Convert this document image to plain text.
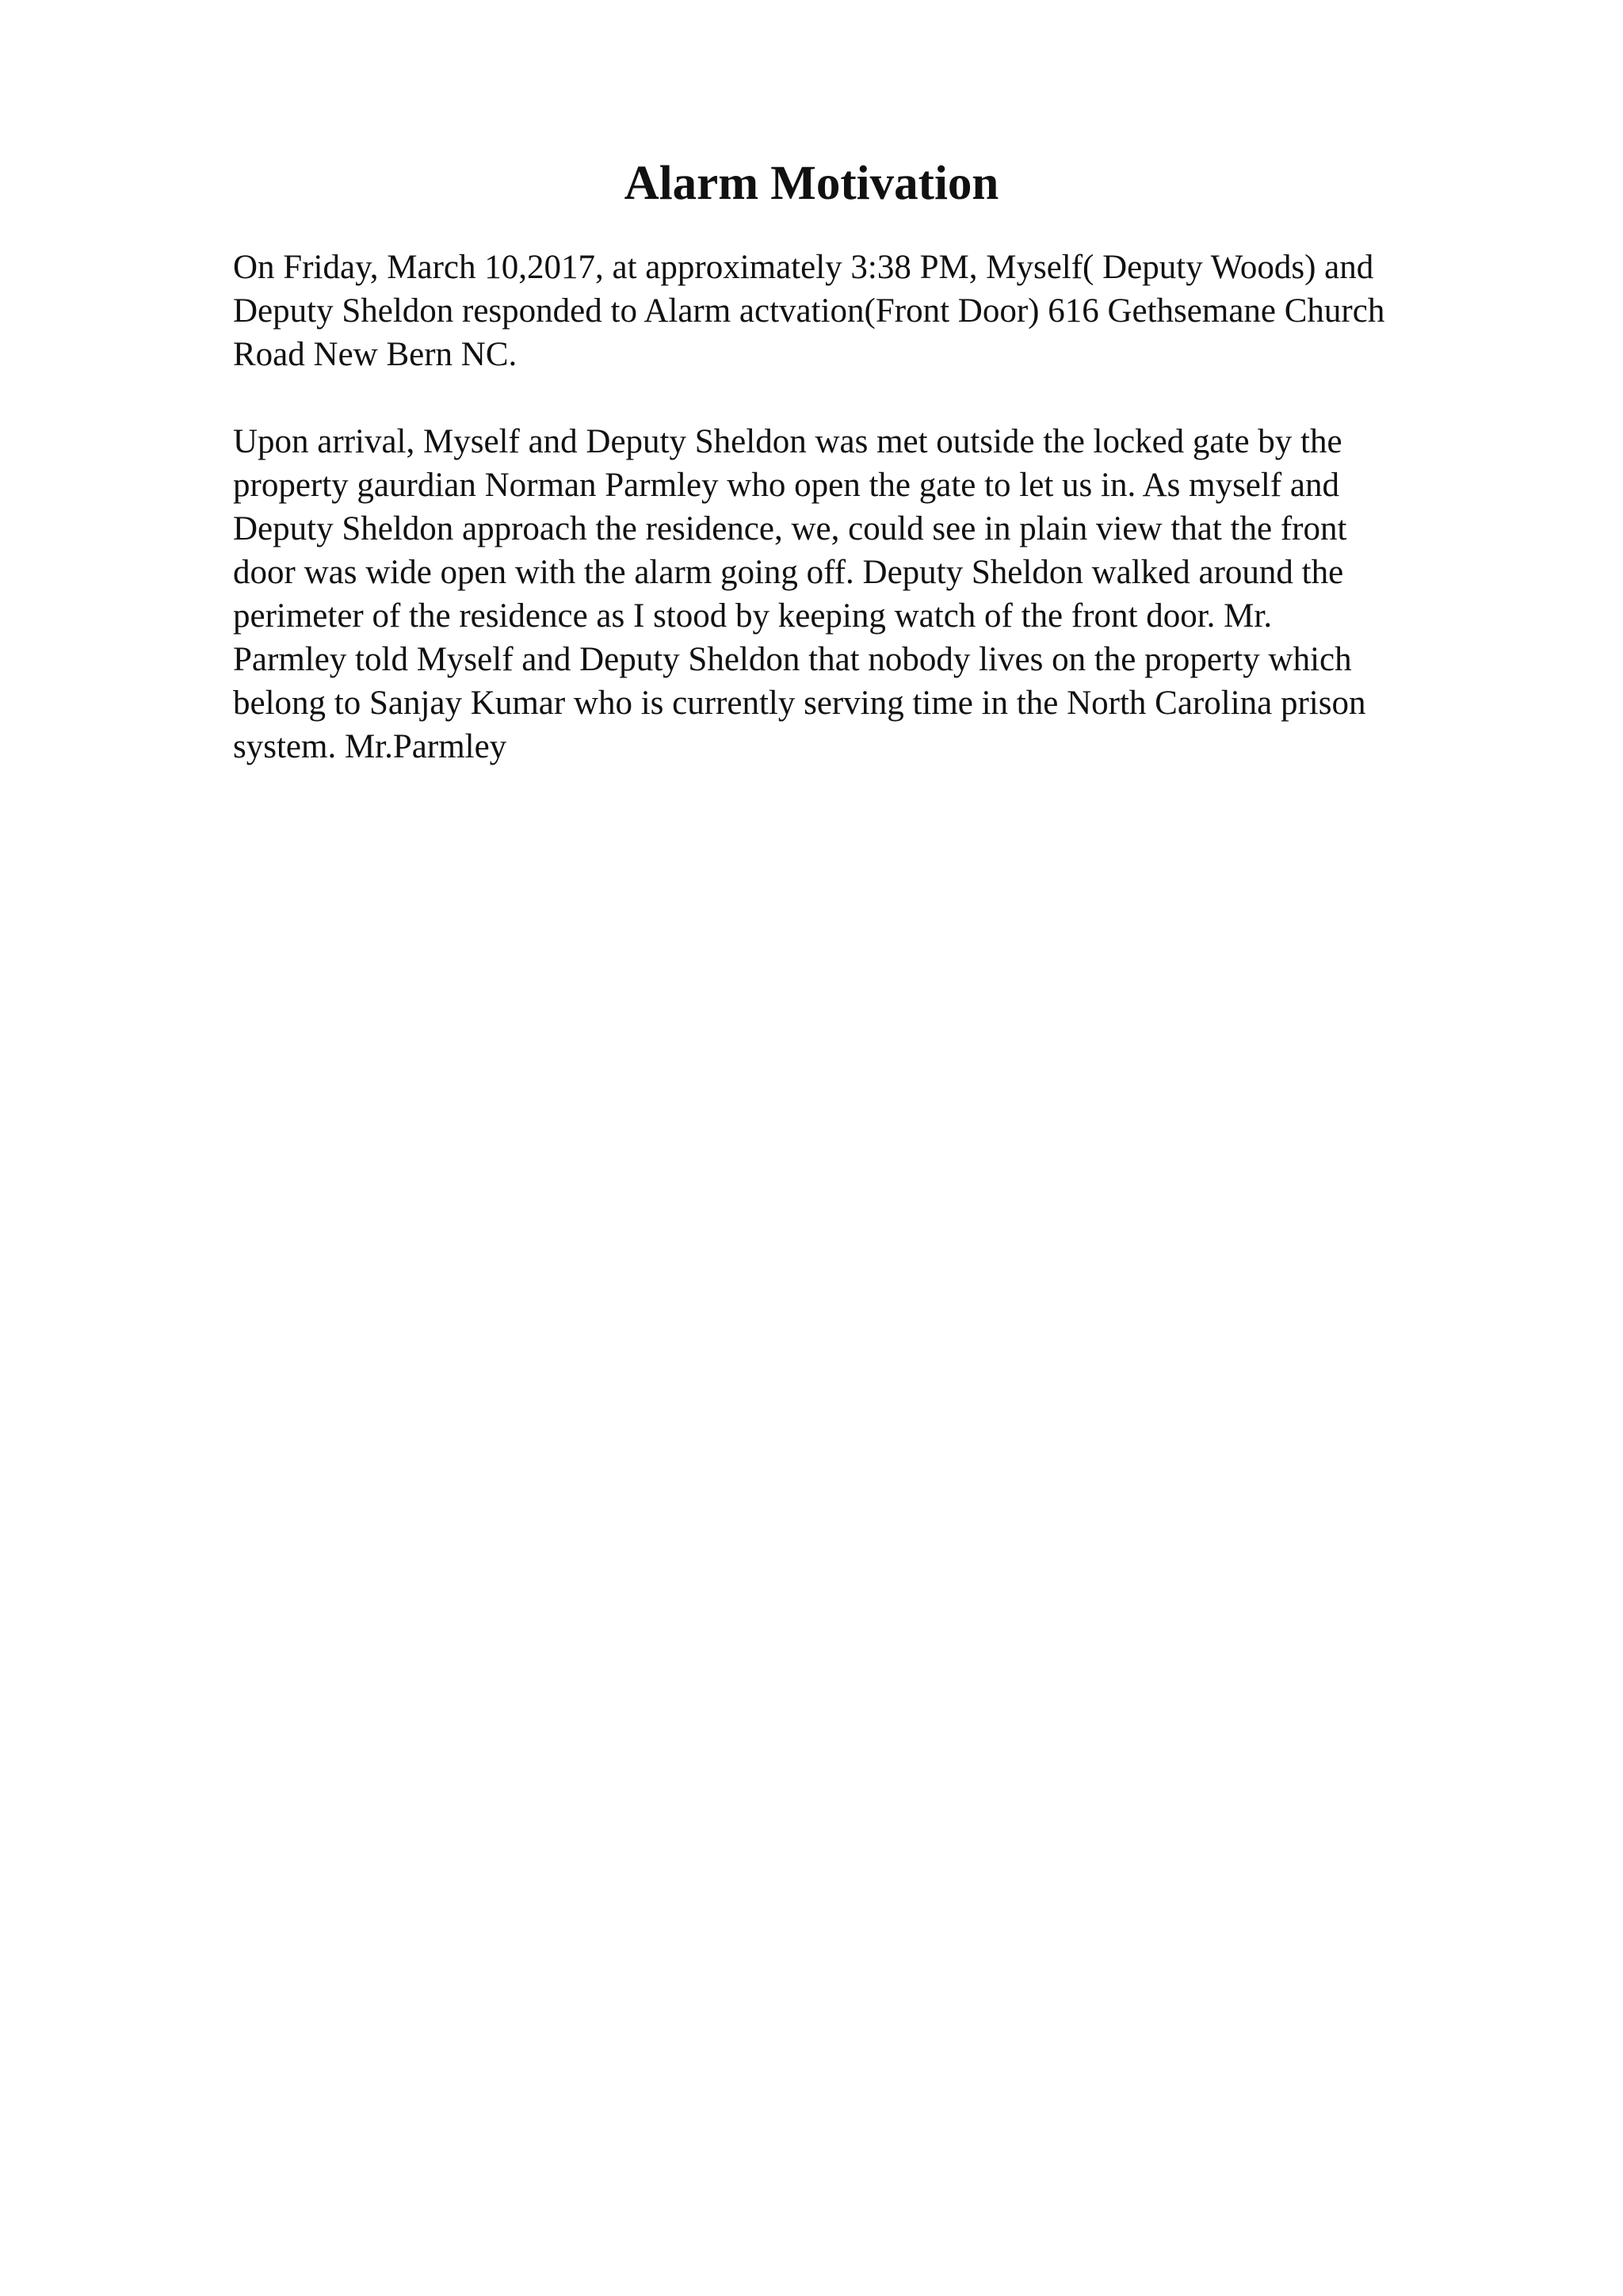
Alarm Motivation

On Friday, March 10,2017, at approximately 3:38 PM, Myself( Deputy Woods) and
Deputy Sheldon responded to Alarm actvation(Front Door) 616 Gethsemane Church
Road New Bern NC.

Upon arrival, Myself and Deputy Sheldon was met outside the locked gate by the
property gaurdian Norman Parmley who open the gate to let us in. As myself and
Deputy Sheldon approach the residence, we, could see in plain view that the front
door was wide open with the alarm going off. Deputy Sheldon walked around the
perimeter of the residence as I stood by keeping watch of the front door. Mr.
Parmley told Myself and Deputy Sheldon that nobody lives on the property which
belong to Sanjay Kumar who is currently serving time in the North Carolina prison
system. Mr.Parmley
